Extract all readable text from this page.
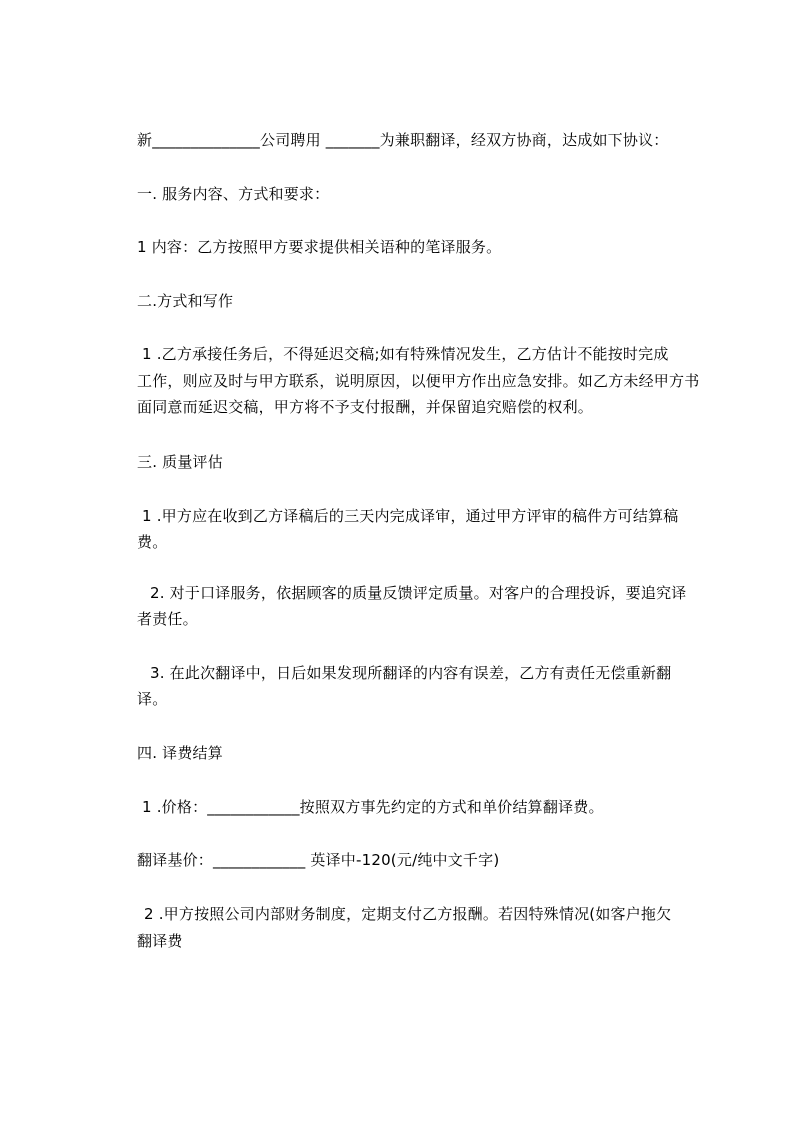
新______________公司聘用 _______为兼职翻译，经双方协商，达成如下协议：
一. 服务内容、方式和要求：
1 内容：乙方按照甲方要求提供相关语种的笔译服务。
二.方式和写作
1 .乙方承接任务后，不得延迟交稿;如有特殊情况发生，乙方估计不能按时完成
工作，则应及时与甲方联系，说明原因，以便甲方作出应急安排。如乙方未经甲方书
面同意而延迟交稿，甲方将不予支付报酬，并保留追究赔偿的权利。
三. 质量评估
1 .甲方应在收到乙方译稿后的三天内完成译审，通过甲方评审的稿件方可结算稿
费。
2. 对于口译服务，依据顾客的质量反馈评定质量。对客户的合理投诉，要追究译
者责任。
3. 在此次翻译中，日后如果发现所翻译的内容有误差，乙方有责任无偿重新翻
译。
四. 译费结算
1 .价格：____________按照双方事先约定的方式和单价结算翻译费。
翻译基价：____________ 英译中-120(元/纯中文千字)
2 .甲方按照公司内部财务制度，定期支付乙方报酬。若因特殊情况(如客户拖欠
翻译费
